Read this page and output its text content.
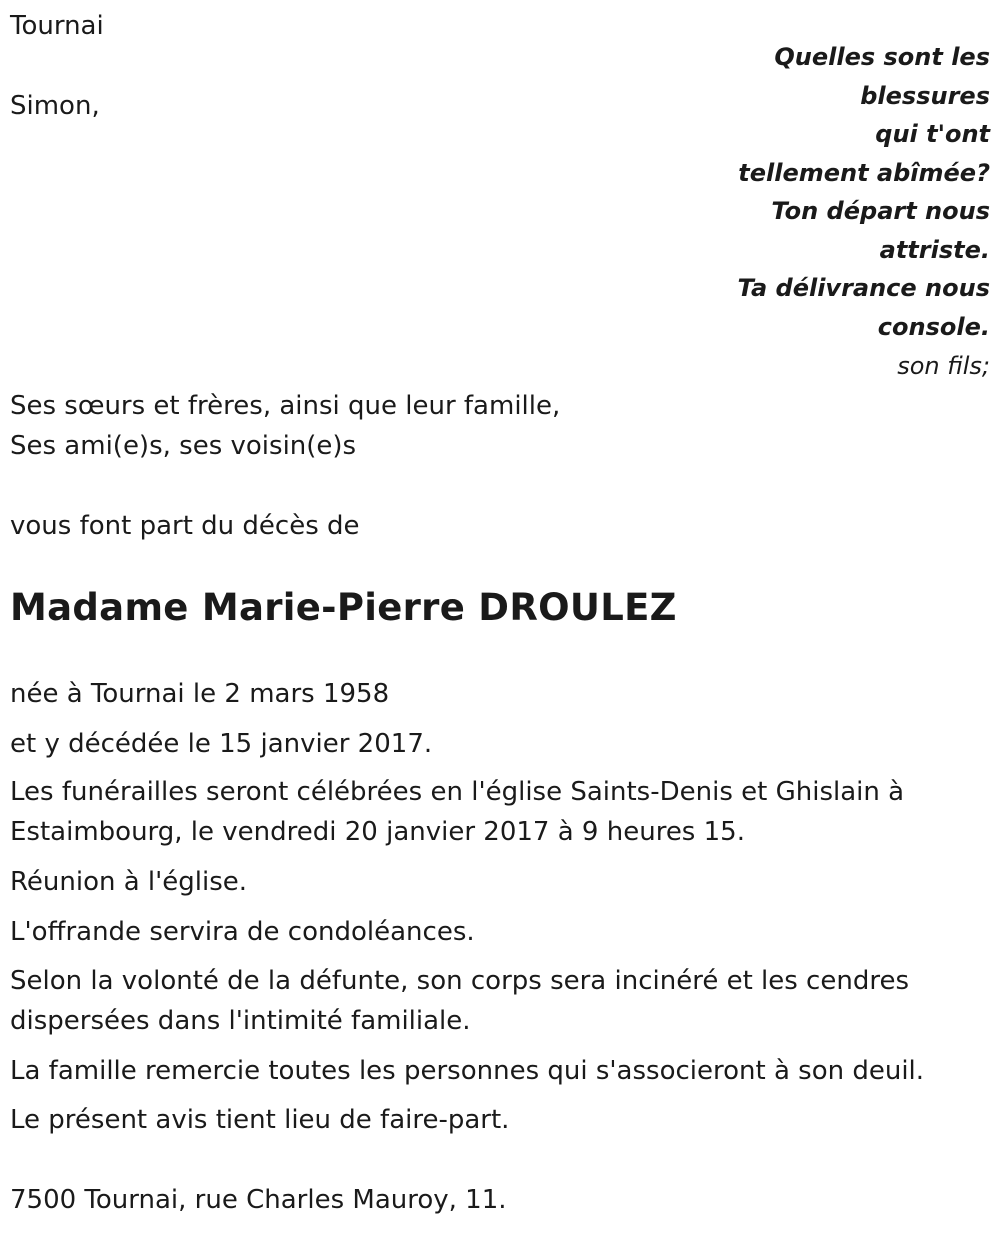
Tournai

Simon,

Quelles sont les
blessures
qui t'ont
tellement abîmée?
Ton départ nous
attriste.
Ta délivrance nous
console.

son fils;

Ses sœurs et frères, ainsi que leur famille,

Ses ami(e)s, ses voisin(e)s

vous font part du décès de

Madame Marie-Pierre DROULEZ

née à Tournai le 2 mars 1958

et y décédée le 15 janvier 2017.

Les funérailles seront célébrées en l'église Saints-Denis et Ghislain à Estaimbourg, le vendredi 20 janvier 2017 à 9 heures 15.

Réunion à l'église.

L'offrande servira de condoléances.

Selon la volonté de la défunte, son corps sera incinéré et les cendres dispersées dans l'intimité familiale.

La famille remercie toutes les personnes qui s'associeront à son deuil.

Le présent avis tient lieu de faire-part.

7500 Tournai, rue Charles Mauroy, 11.
